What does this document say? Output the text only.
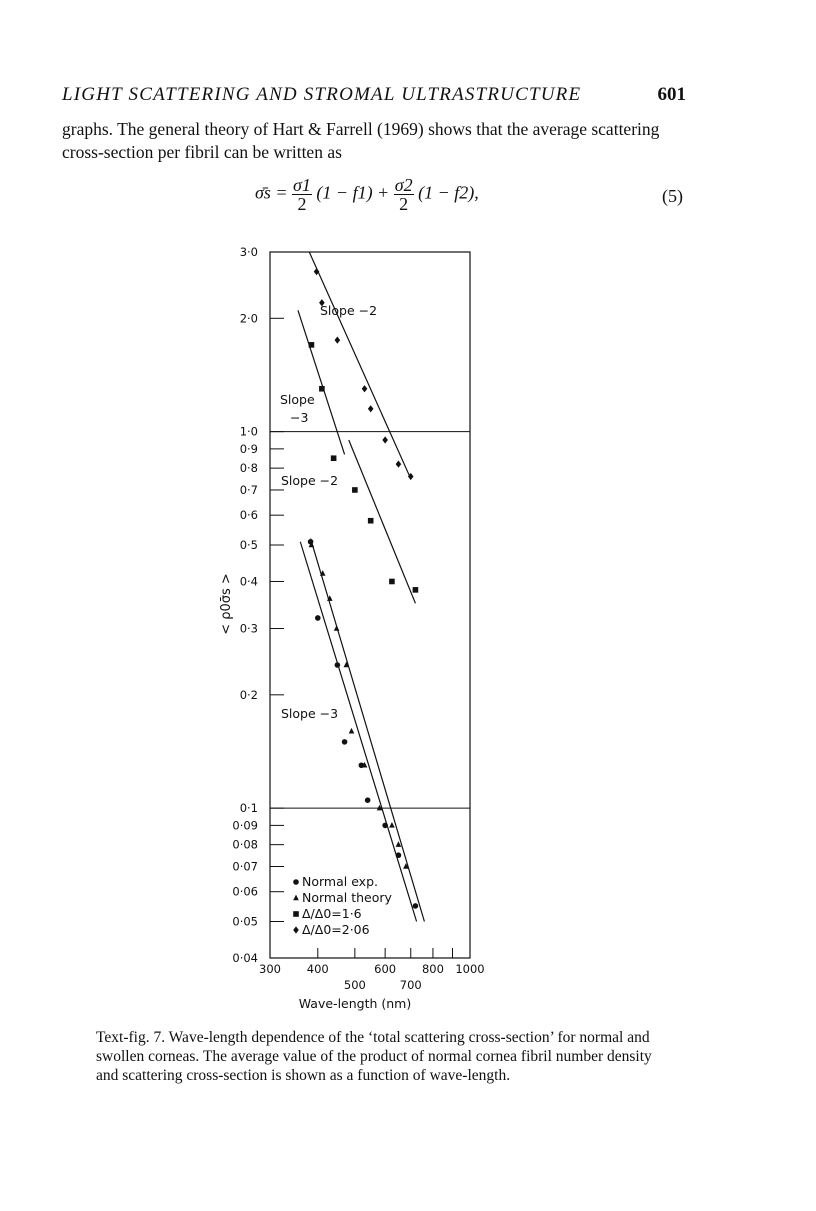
LIGHT SCATTERING AND STROMAL ULTRASTRUCTURE	601
graphs. The general theory of Hart & Farrell (1969) shows that the average scattering cross-section per fibril can be written as
σ̄s = $\frac{\sigma 1}{2} (1 - f1) + \frac{\sigma 2}{2} (1 - f2)$,	(5)
3·0
2·0
1·0
0·9
0·8
0·7
0·6
0·5
0·4
0·3
0·2
0·1
0·09
0·08
0·07
0·06
0·05
0·04
300 400	600 800 1000
500	700
Slope −2
Slope
−3
Slope −2
Slope −3
Normal exp.
Normal theory
Δ/Δ0=1·6
Δ/Δ0=2·06
Wave-length (nm)
< ρ0σ̄s >
Text-fig. 7. Wave-length dependence of the ‘total scattering cross-section’ for normal and swollen corneas. The average value of the product of normal cornea fibril number density and scattering cross-section is shown as a function of wave-length.
